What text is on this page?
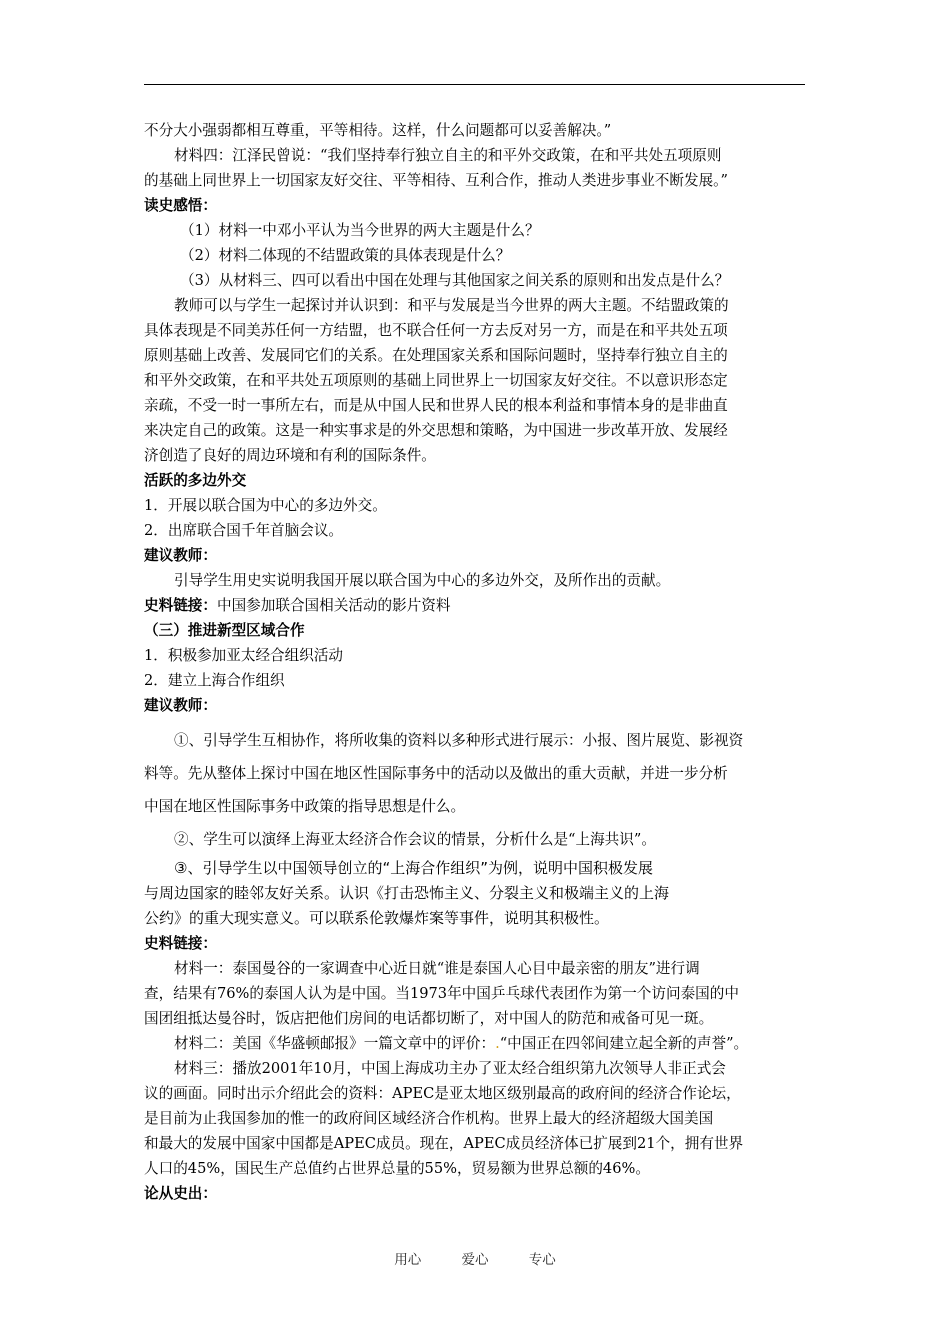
不分大小强弱都相互尊重，平等相待。这样，什么问题都可以妥善解决。”
材料四：江泽民曾说：“我们坚持奉行独立自主的和平外交政策，在和平共处五项原则
的基础上同世界上一切国家友好交往、平等相待、互利合作，推动人类进步事业不断发展。”
读史感悟：
（1）材料一中邓小平认为当今世界的两大主题是什么？
（2）材料二体现的不结盟政策的具体表现是什么？
（3）从材料三、四可以看出中国在处理与其他国家之间关系的原则和出发点是什么？
教师可以与学生一起探讨并认识到：和平与发展是当今世界的两大主题。不结盟政策的
具体表现是不同美苏任何一方结盟，也不联合任何一方去反对另一方，而是在和平共处五项
原则基础上改善、发展同它们的关系。在处理国家关系和国际问题时，坚持奉行独立自主的
和平外交政策，在和平共处五项原则的基础上同世界上一切国家友好交往。不以意识形态定
亲疏，不受一时一事所左右，而是从中国人民和世界人民的根本利益和事情本身的是非曲直
来决定自己的政策。这是一种实事求是的外交思想和策略，为中国进一步改革开放、发展经
济创造了良好的周边环境和有利的国际条件。
活跃的多边外交
1．开展以联合国为中心的多边外交。
2．出席联合国千年首脑会议。
建议教师：
引导学生用史实说明我国开展以联合国为中心的多边外交，及所作出的贡献。
史料链接：中国参加联合国相关活动的影片资料
（三）推进新型区域合作
1．积极参加亚太经合组织活动
2．建立上海合作组织
建议教师：
①、引导学生互相协作，将所收集的资料以多种形式进行展示：小报、图片展览、影视资
料等。先从整体上探讨中国在地区性国际事务中的活动以及做出的重大贡献，并进一步分析
中国在地区性国际事务中政策的指导思想是什么。
②、学生可以演绎上海亚太经济合作会议的情景，分析什么是“上海共识”。
③、引导学生以中国领导创立的“上海合作组织”为例，说明中国积极发展
与周边国家的睦邻友好关系。认识《打击恐怖主义、分裂主义和极端主义的上海
公约》的重大现实意义。可以联系伦敦爆炸案等事件，说明其积极性。
史料链接：
材料一：泰国曼谷的一家调查中心近日就“谁是泰国人心目中最亲密的朋友”进行调
查，结果有76%的泰国人认为是中国。当1973年中国乒乓球代表团作为第一个访问泰国的中
国团组抵达曼谷时，饭店把他们房间的电话都切断了，对中国人的防范和戒备可见一斑。
材料二：美国《华盛顿邮报》一篇文章中的评价：.“中国正在四邻间建立起全新的声誉”。
材料三：播放2001年10月，中国上海成功主办了亚太经合组织第九次领导人非正式会
议的画面。同时出示介绍此会的资料：APEC是亚太地区级别最高的政府间的经济合作论坛，
是目前为止我国参加的惟一的政府间区域经济合作机构。世界上最大的经济超级大国美国
和最大的发展中国家中国都是APEC成员。现在，APEC成员经济体已扩展到21个，拥有世界
人口的45%，国民生产总值约占世界总量的55%，贸易额为世界总额的46%。
论从史出：
用心	爱心	专心
